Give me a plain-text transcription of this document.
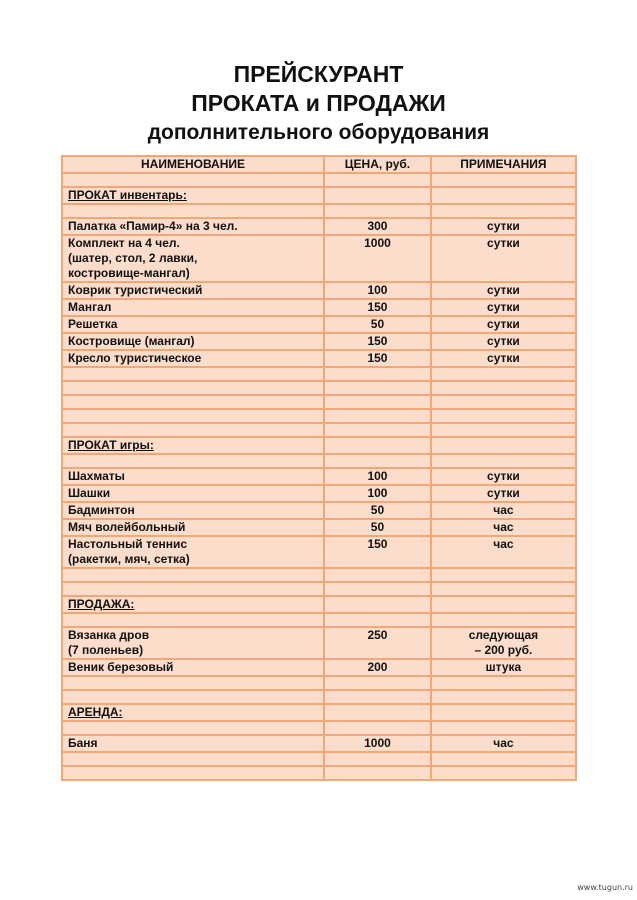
ПРЕЙСКУРАНТ
ПРОКАТА и ПРОДАЖИ
дополнительного оборудования
НАИМЕНОВАНИЕ	ЦЕНА, руб.	ПРИМЕЧАНИЯ

ПРОКАТ инвентарь:		

Палатка «Памир-4» на 3 чел.	300	сутки
Комплект на 4 чел.
(шатер, стол, 2 лавки,
костровище-мангал)	1000	сутки
Коврик туристический	100	сутки
Мангал	150	сутки
Решетка	50	сутки
Костровище (мангал)	150	сутки
Кресло туристическое	150	сутки

ПРОКАТ игры:		

Шахматы	100	сутки
Шашки	100	сутки
Бадминтон	50	час
Мяч волейбольный	50	час
Настольный теннис
(ракетки, мяч, сетка)	150	час

ПРОДАЖА:		

Вязанка дров
(7 поленьев)	250	следующая
– 200 руб.
Веник березовый	200	штука

АРЕНДА:		

Баня	1000	час

www.tugun.ru
